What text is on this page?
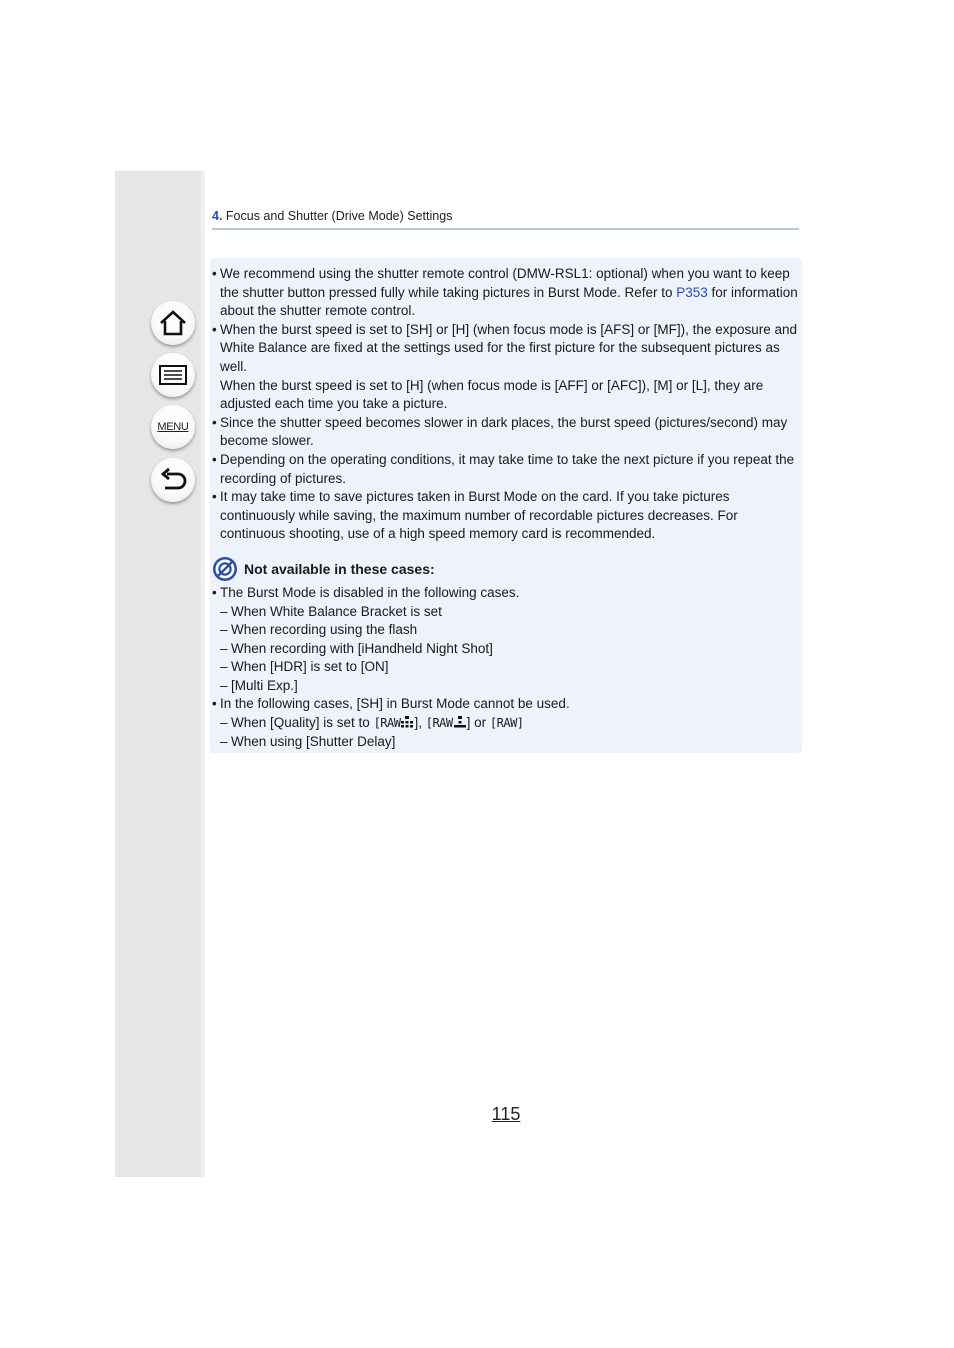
MENU
4. Focus and Shutter (Drive Mode) Settings
• We recommend using the shutter remote control (DMW-RSL1: optional) when you want to keep the shutter button pressed fully while taking pictures in Burst Mode. Refer to P353 for information about the shutter remote control.

• When the burst speed is set to [SH] or [H] (when focus mode is [AFS] or [MF]), the exposure and White Balance are fixed at the settings used for the first picture for the subsequent pictures as well.

When the burst speed is set to [H] (when focus mode is [AFF] or [AFC]), [M] or [L], they are adjusted each time you take a picture.

• Since the shutter speed becomes slower in dark places, the burst speed (pictures/second) may become slower.
• Depending on the operating conditions, it may take time to take the next picture if you repeat the recording of pictures.
• It may take time to save pictures taken in Burst Mode on the card. If you take pictures continuously while saving, the maximum number of recordable pictures decreases. For continuous shooting, use of a high speed memory card is recommended.
Not available in these cases:
• The Burst Mode is disabled in the following cases.
– When White Balance Bracket is set
– When recording using the flash
– When recording with [iHandheld Night Shot]
– When [HDR] is set to [ON]
– [Multi Exp.]
• In the following cases, [SH] in Burst Mode cannot be used.
– When [Quality] is set to [RAW ], [RAW ] or [RAW]
– When using [Shutter Delay]
115
